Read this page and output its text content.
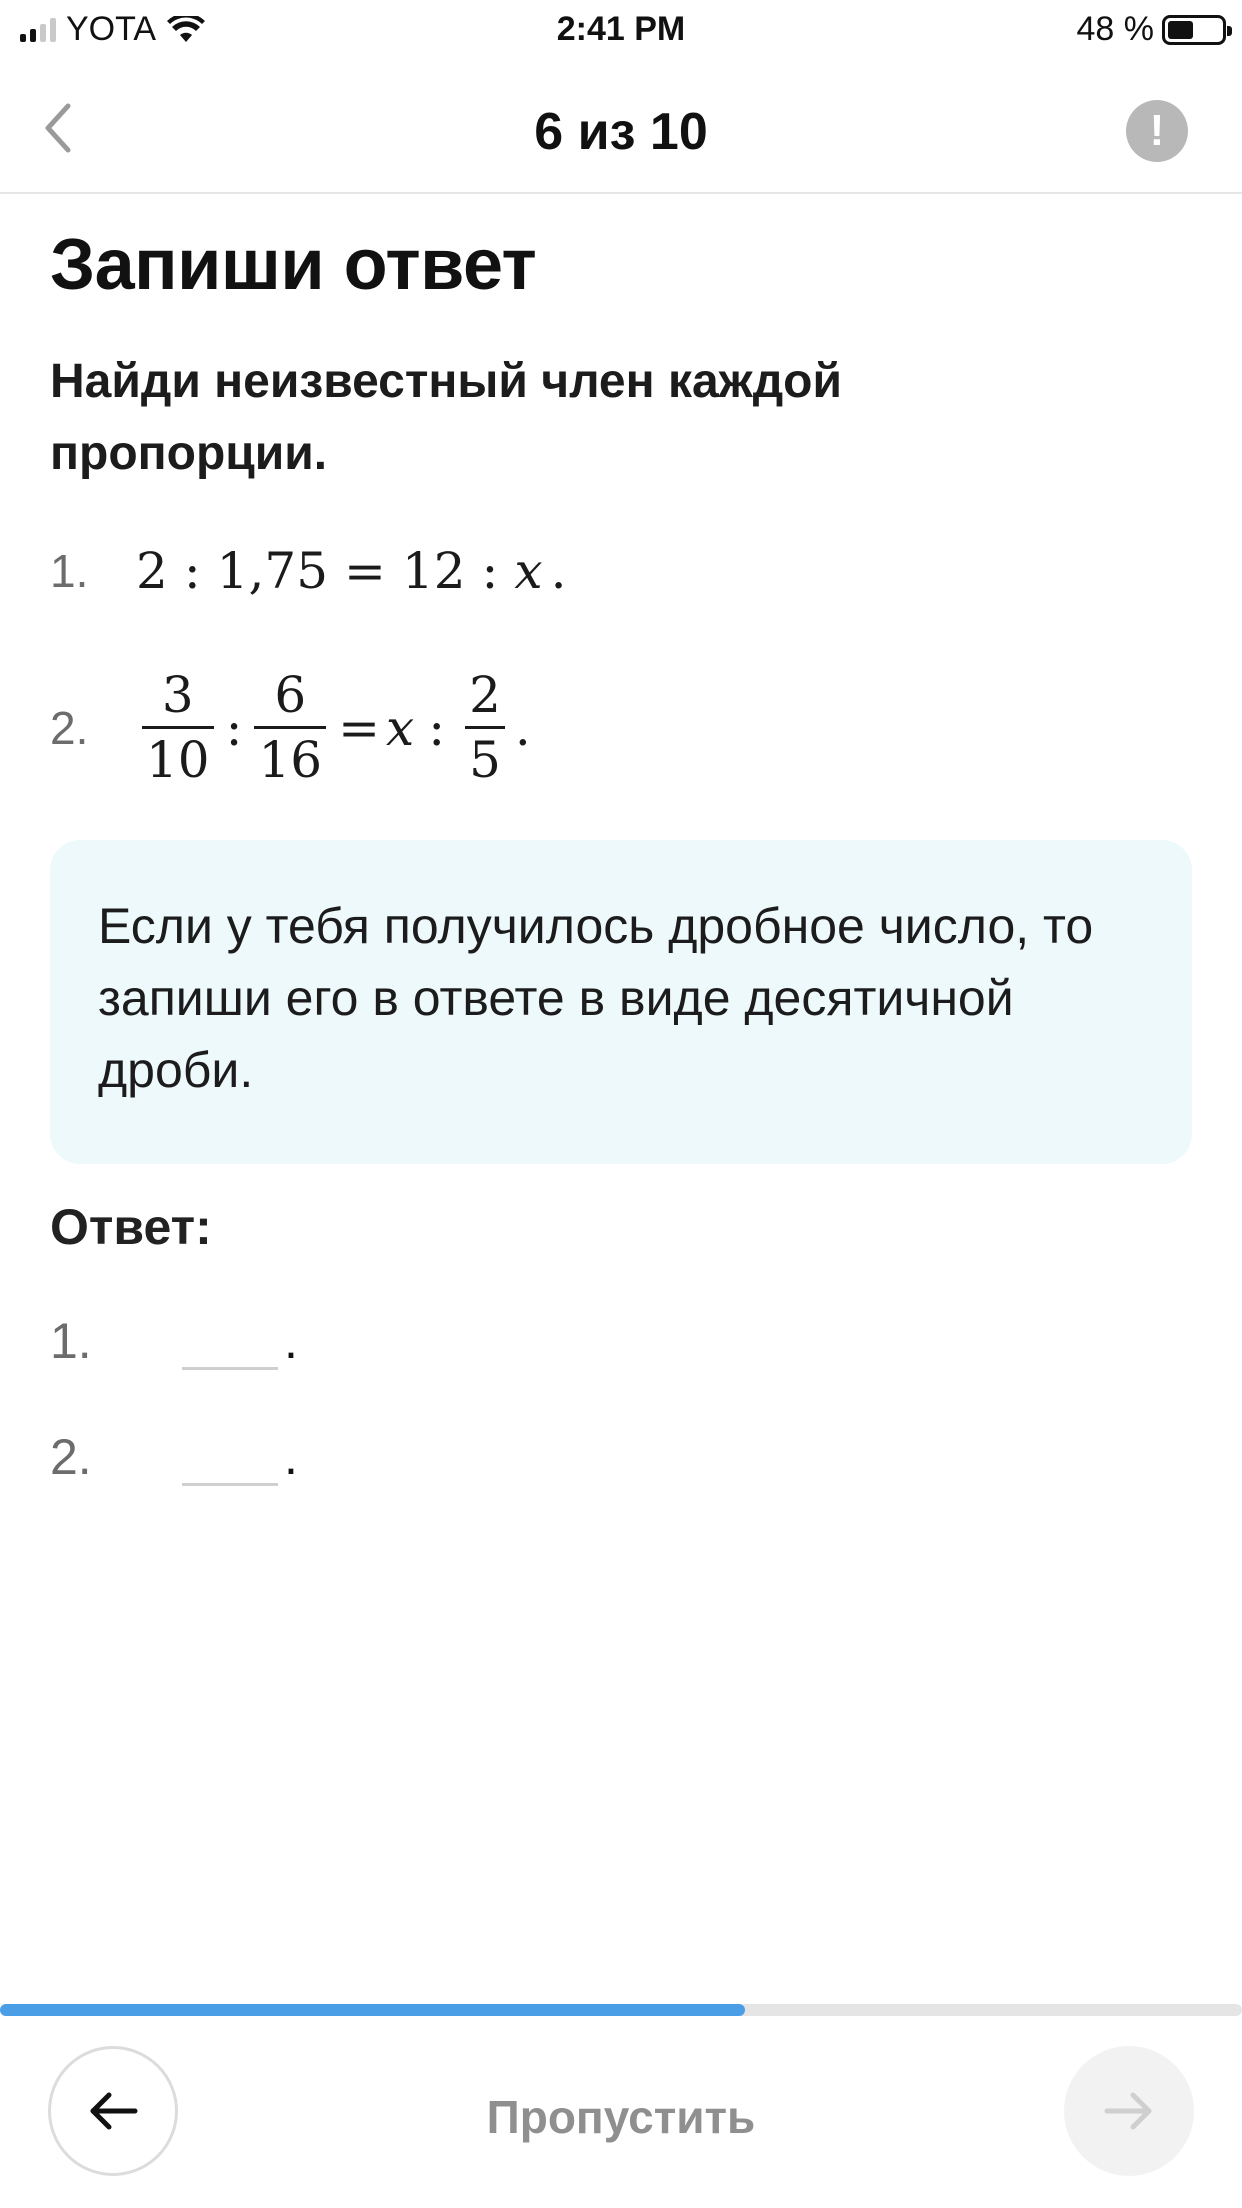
YOTA	2:41 PM	48 %
6 из 10	!
Запиши ответ
Найди неизвестный член каждой пропорции.
1. 2 : 1,75 = 12 : x .
2.	$\frac{3}{10}$ : $\frac{6}{16} = x$ : $\frac{2}{5}$ .
Если у тебя получилось дробное число, то запиши его в ответе в виде десятичной дроби.
Ответ:
1.	.
2.	.
Пропустить
